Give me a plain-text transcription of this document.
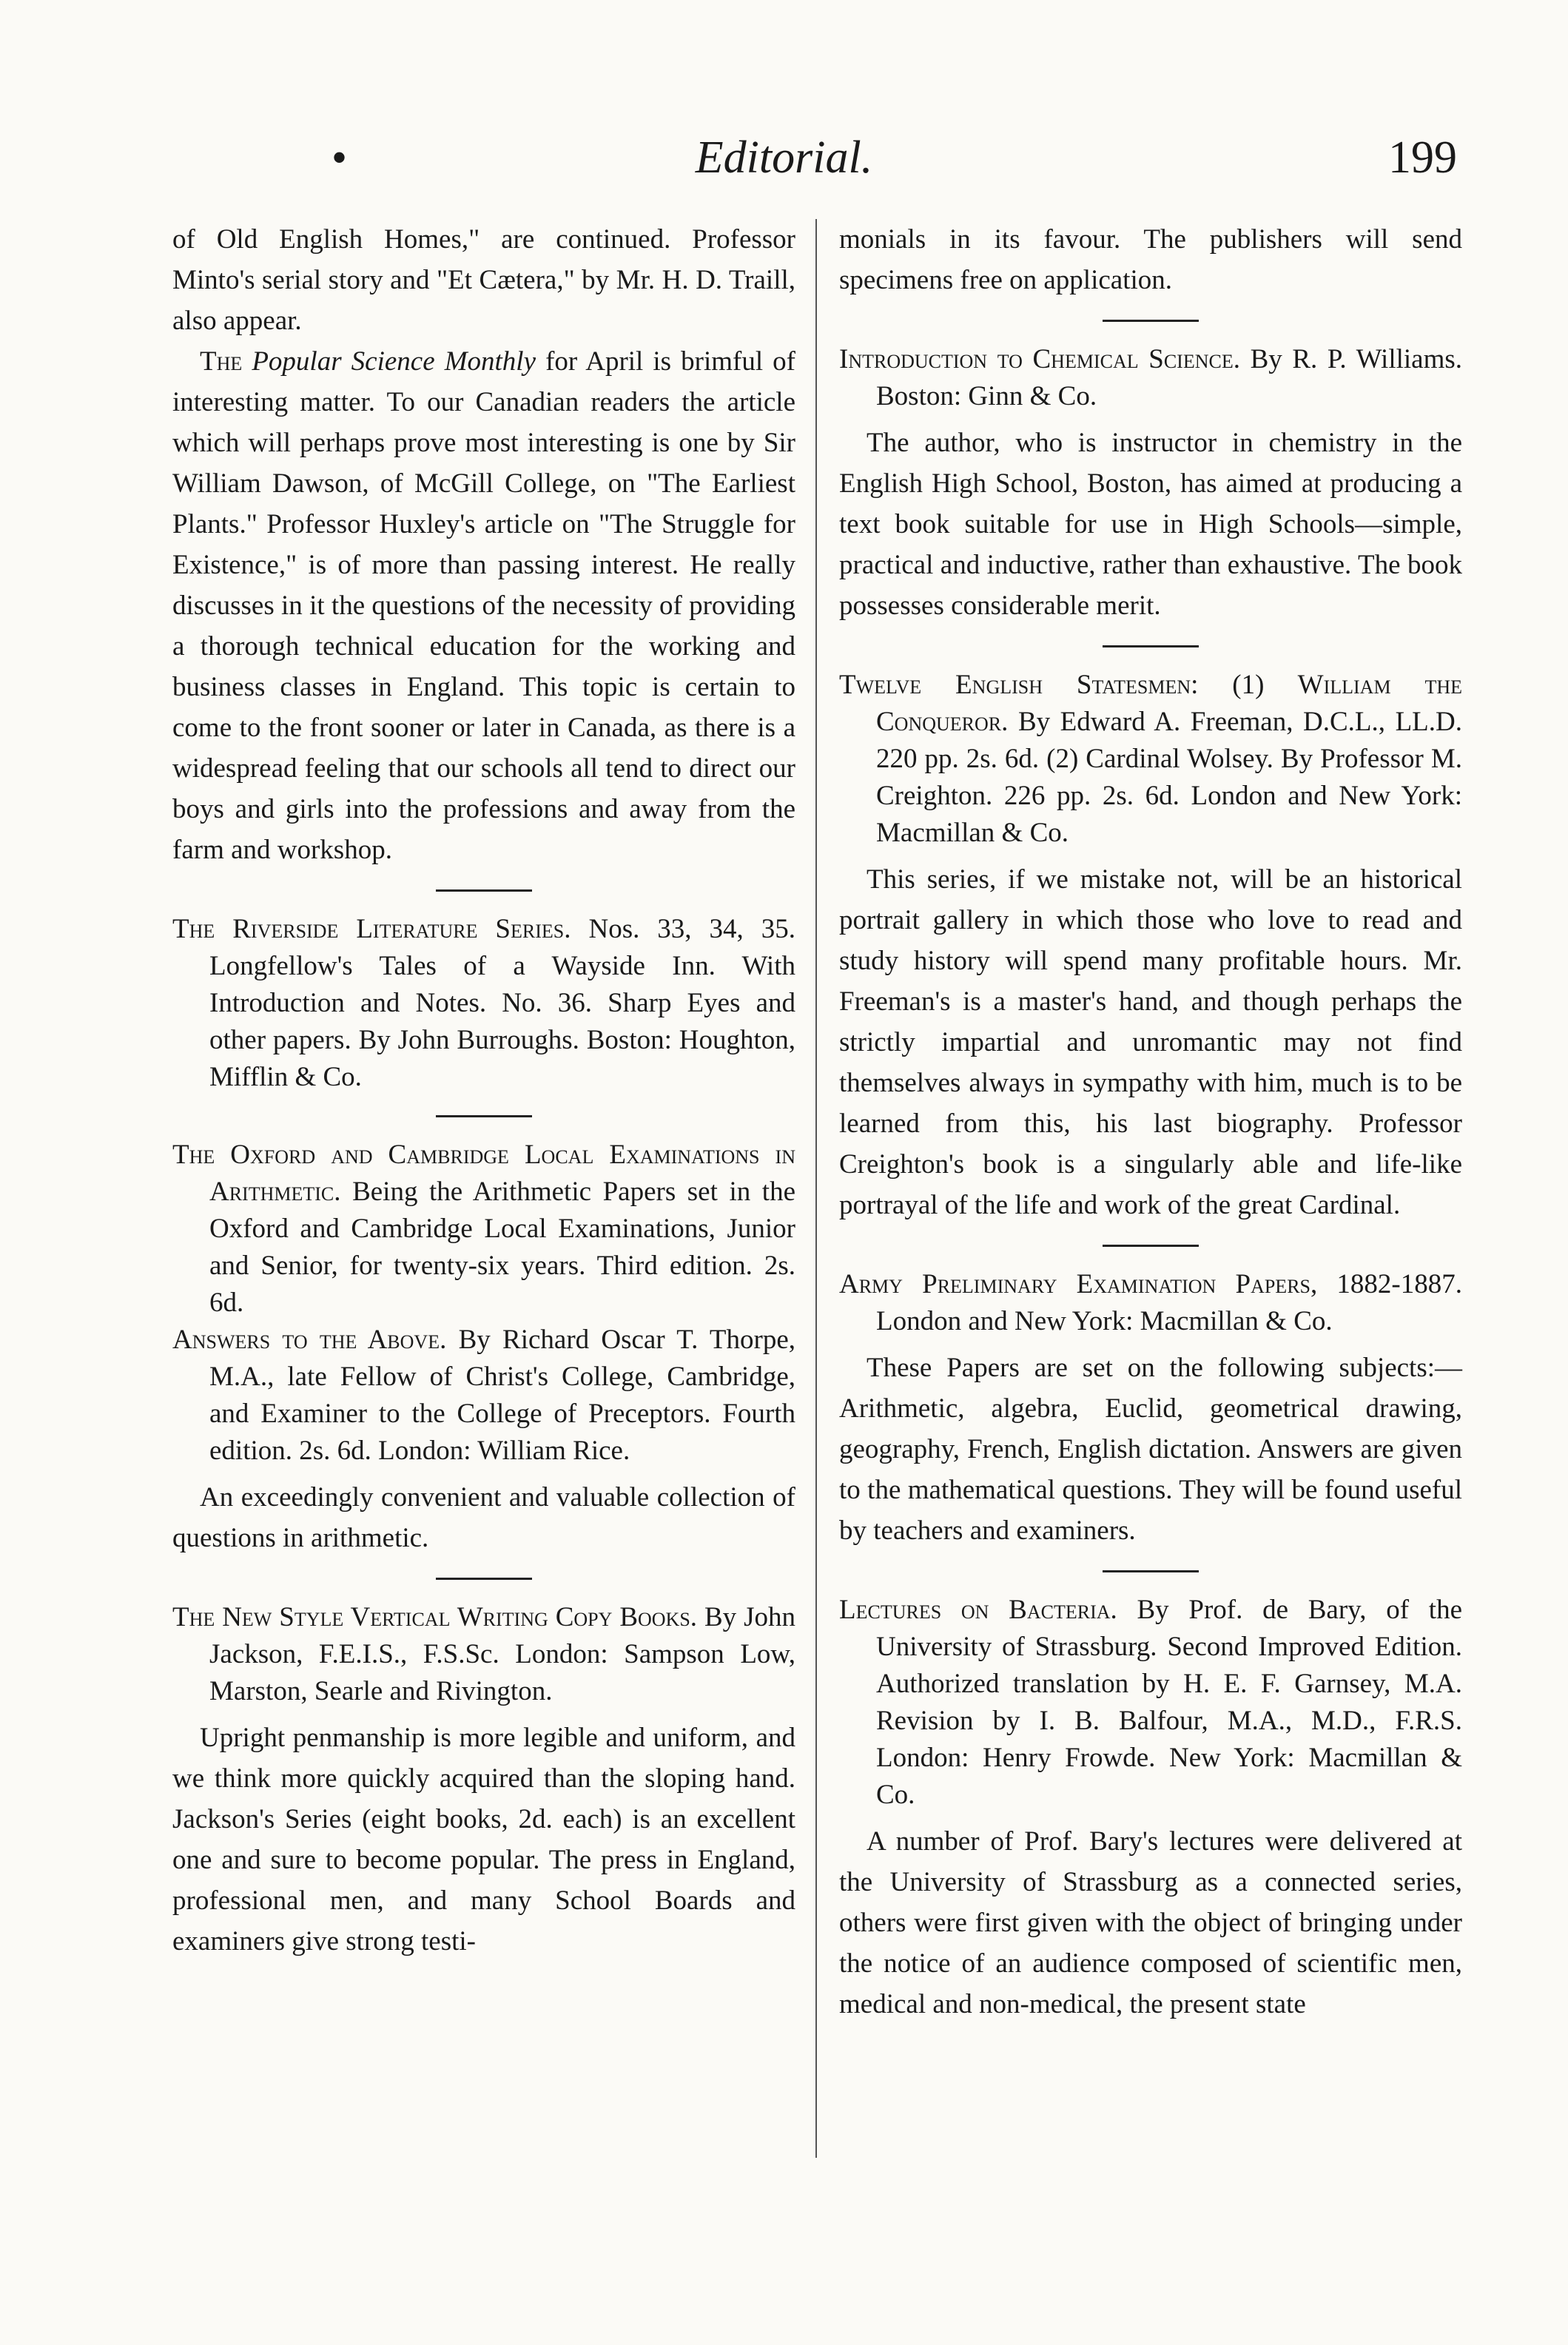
•	Editorial.	199

of Old English Homes," are continued. Professor Minto's serial story and "Et Cætera," by Mr. H. D. Traill, also appear.

 The Popular Science Monthly for April is brimful of interesting matter. To our Canadian readers the article which will perhaps prove most interesting is one by Sir William Dawson, of McGill College, on "The Earliest Plants." Professor Huxley's article on "The Struggle for Existence," is of more than passing interest. He really discusses in it the questions of the necessity of providing a thorough technical education for the working and business classes in England. This topic is certain to come to the front sooner or later in Canada, as there is a widespread feeling that our schools all tend to direct our boys and girls into the professions and away from the farm and workshop.

The Riverside Literature Series. Nos. 33, 34, 35. Longfellow's Tales of a Wayside Inn. With Introduction and Notes. No. 36. Sharp Eyes and other papers. By John Burroughs. Boston: Houghton, Mifflin & Co.

The Oxford and Cambridge Local Examinations in Arithmetic. Being the Arithmetic Papers set in the Oxford and Cambridge Local Examinations, Junior and Senior, for twenty-six years. Third edition. 2s. 6d.

Answers to the Above. By Richard Oscar T. Thorpe, M.A., late Fellow of Christ's College, Cambridge, and Examiner to the College of Preceptors. Fourth edition. 2s. 6d. London: William Rice.

 An exceedingly convenient and valuable collection of questions in arithmetic.

The New Style Vertical Writing Copy Books. By John Jackson, F.E.I.S., F.S.Sc. London: Sampson Low, Marston, Searle and Rivington.

 Upright penmanship is more legible and uniform, and we think more quickly acquired than the sloping hand. Jackson's Series (eight books, 2d. each) is an excellent one and sure to become popular. The press in England, professional men, and many School Boards and examiners give strong testi-

monials in its favour. The publishers will send specimens free on application.

Introduction to Chemical Science. By R. P. Williams. Boston: Ginn & Co.

 The author, who is instructor in chemistry in the English High School, Boston, has aimed at producing a text book suitable for use in High Schools—simple, practical and inductive, rather than exhaustive. The book possesses considerable merit.

Twelve English Statesmen: (1) William the Conqueror. By Edward A. Freeman, D.C.L., LL.D. 220 pp. 2s. 6d. (2) Cardinal Wolsey. By Professor M. Creighton. 226 pp. 2s. 6d. London and New York: Macmillan & Co.

 This series, if we mistake not, will be an historical portrait gallery in which those who love to read and study history will spend many profitable hours. Mr. Freeman's is a master's hand, and though perhaps the strictly impartial and unromantic may not find themselves always in sympathy with him, much is to be learned from this, his last biography. Professor Creighton's book is a singularly able and life-like portrayal of the life and work of the great Cardinal.

Army Preliminary Examination Papers, 1882-1887. London and New York: Macmillan & Co.

 These Papers are set on the following subjects:—Arithmetic, algebra, Euclid, geometrical drawing, geography, French, English dictation. Answers are given to the mathematical questions. They will be found useful by teachers and examiners.

Lectures on Bacteria. By Prof. de Bary, of the University of Strassburg. Second Improved Edition. Authorized translation by H. E. F. Garnsey, M.A. Revision by I. B. Balfour, M.A., M.D., F.R.S. London: Henry Frowde. New York: Macmillan & Co.

 A number of Prof. Bary's lectures were delivered at the University of Strassburg as a connected series, others were first given with the object of bringing under the notice of an audience composed of scientific men, medical and non-medical, the present state
